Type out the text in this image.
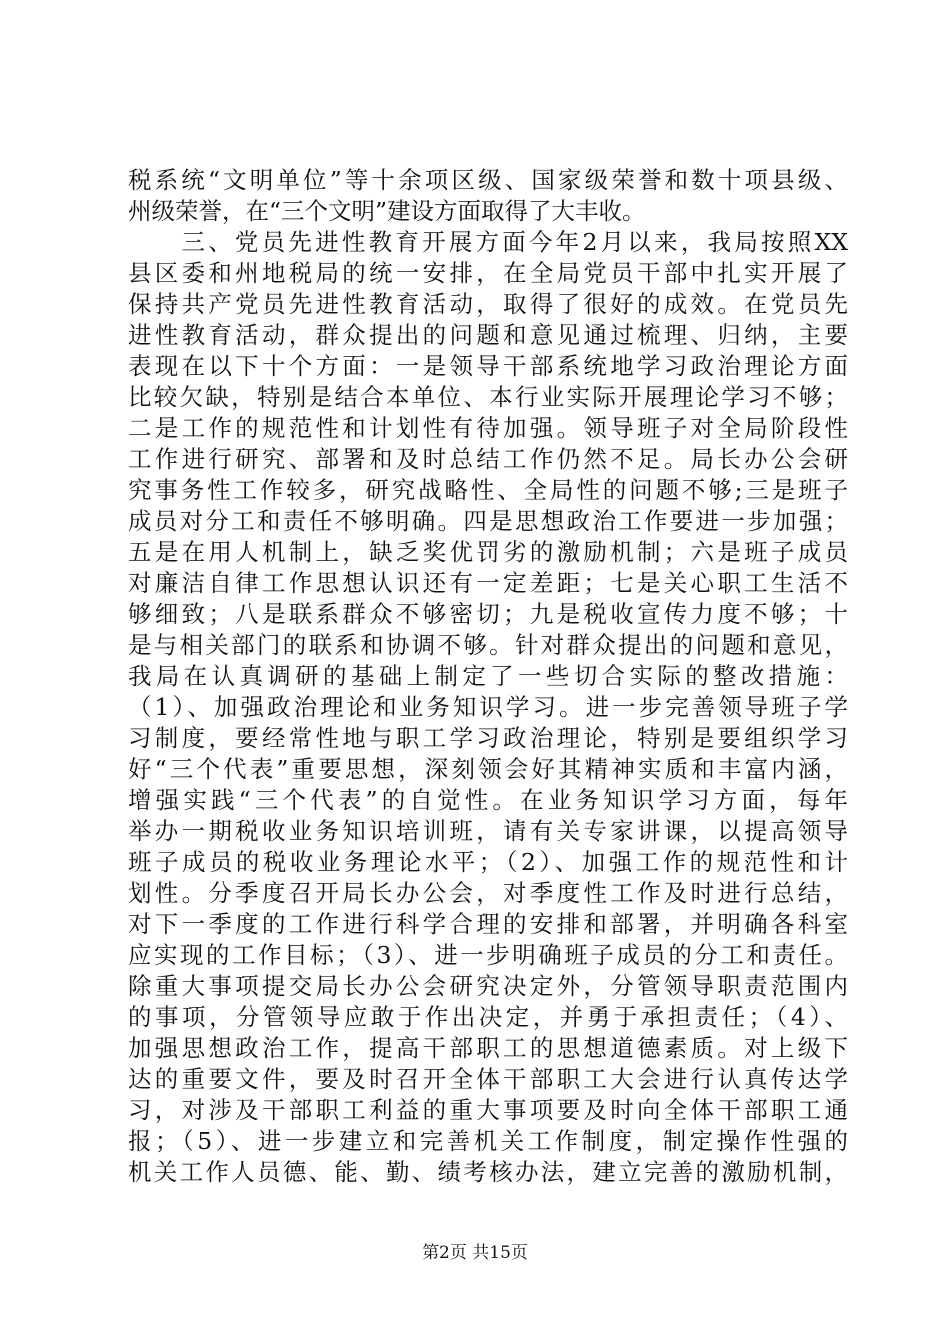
税系统“文明单位”等十余项区级、国家级荣誉和数十项县级、
州级荣誉，在“三个文明”建设方面取得了大丰收。
　　三、党员先进性教育开展方面今年2月以来，我局按照XX
县区委和州地税局的统一安排，在全局党员干部中扎实开展了
保持共产党员先进性教育活动，取得了很好的成效。在党员先
进性教育活动，群众提出的问题和意见通过梳理、归纳，主要
表现在以下十个方面：一是领导干部系统地学习政治理论方面
比较欠缺，特别是结合本单位、本行业实际开展理论学习不够；
二是工作的规范性和计划性有待加强。领导班子对全局阶段性
工作进行研究、部署和及时总结工作仍然不足。局长办公会研
究事务性工作较多，研究战略性、全局性的问题不够;三是班子
成员对分工和责任不够明确。四是思想政治工作要进一步加强；
五是在用人机制上，缺乏奖优罚劣的激励机制；六是班子成员
对廉洁自律工作思想认识还有一定差距；七是关心职工生活不
够细致；八是联系群众不够密切；九是税收宣传力度不够；十
是与相关部门的联系和协调不够。针对群众提出的问题和意见，
我局在认真调研的基础上制定了一些切合实际的整改措施：
（1）、加强政治理论和业务知识学习。进一步完善领导班子学
习制度，要经常性地与职工学习政治理论，特别是要组织学习
好“三个代表”重要思想，深刻领会好其精神实质和丰富内涵，
增强实践“三个代表”的自觉性。在业务知识学习方面，每年
举办一期税收业务知识培训班，请有关专家讲课，以提高领导
班子成员的税收业务理论水平；（2）、加强工作的规范性和计
划性。分季度召开局长办公会，对季度性工作及时进行总结，
对下一季度的工作进行科学合理的安排和部署，并明确各科室
应实现的工作目标；（3）、进一步明确班子成员的分工和责任。
除重大事项提交局长办公会研究决定外，分管领导职责范围内
的事项，分管领导应敢于作出决定，并勇于承担责任；（4）、
加强思想政治工作，提高干部职工的思想道德素质。对上级下
达的重要文件，要及时召开全体干部职工大会进行认真传达学
习，对涉及干部职工利益的重大事项要及时向全体干部职工通
报；（5）、进一步建立和完善机关工作制度，制定操作性强的
机关工作人员德、能、勤、绩考核办法，建立完善的激励机制，
第2页 共15页
